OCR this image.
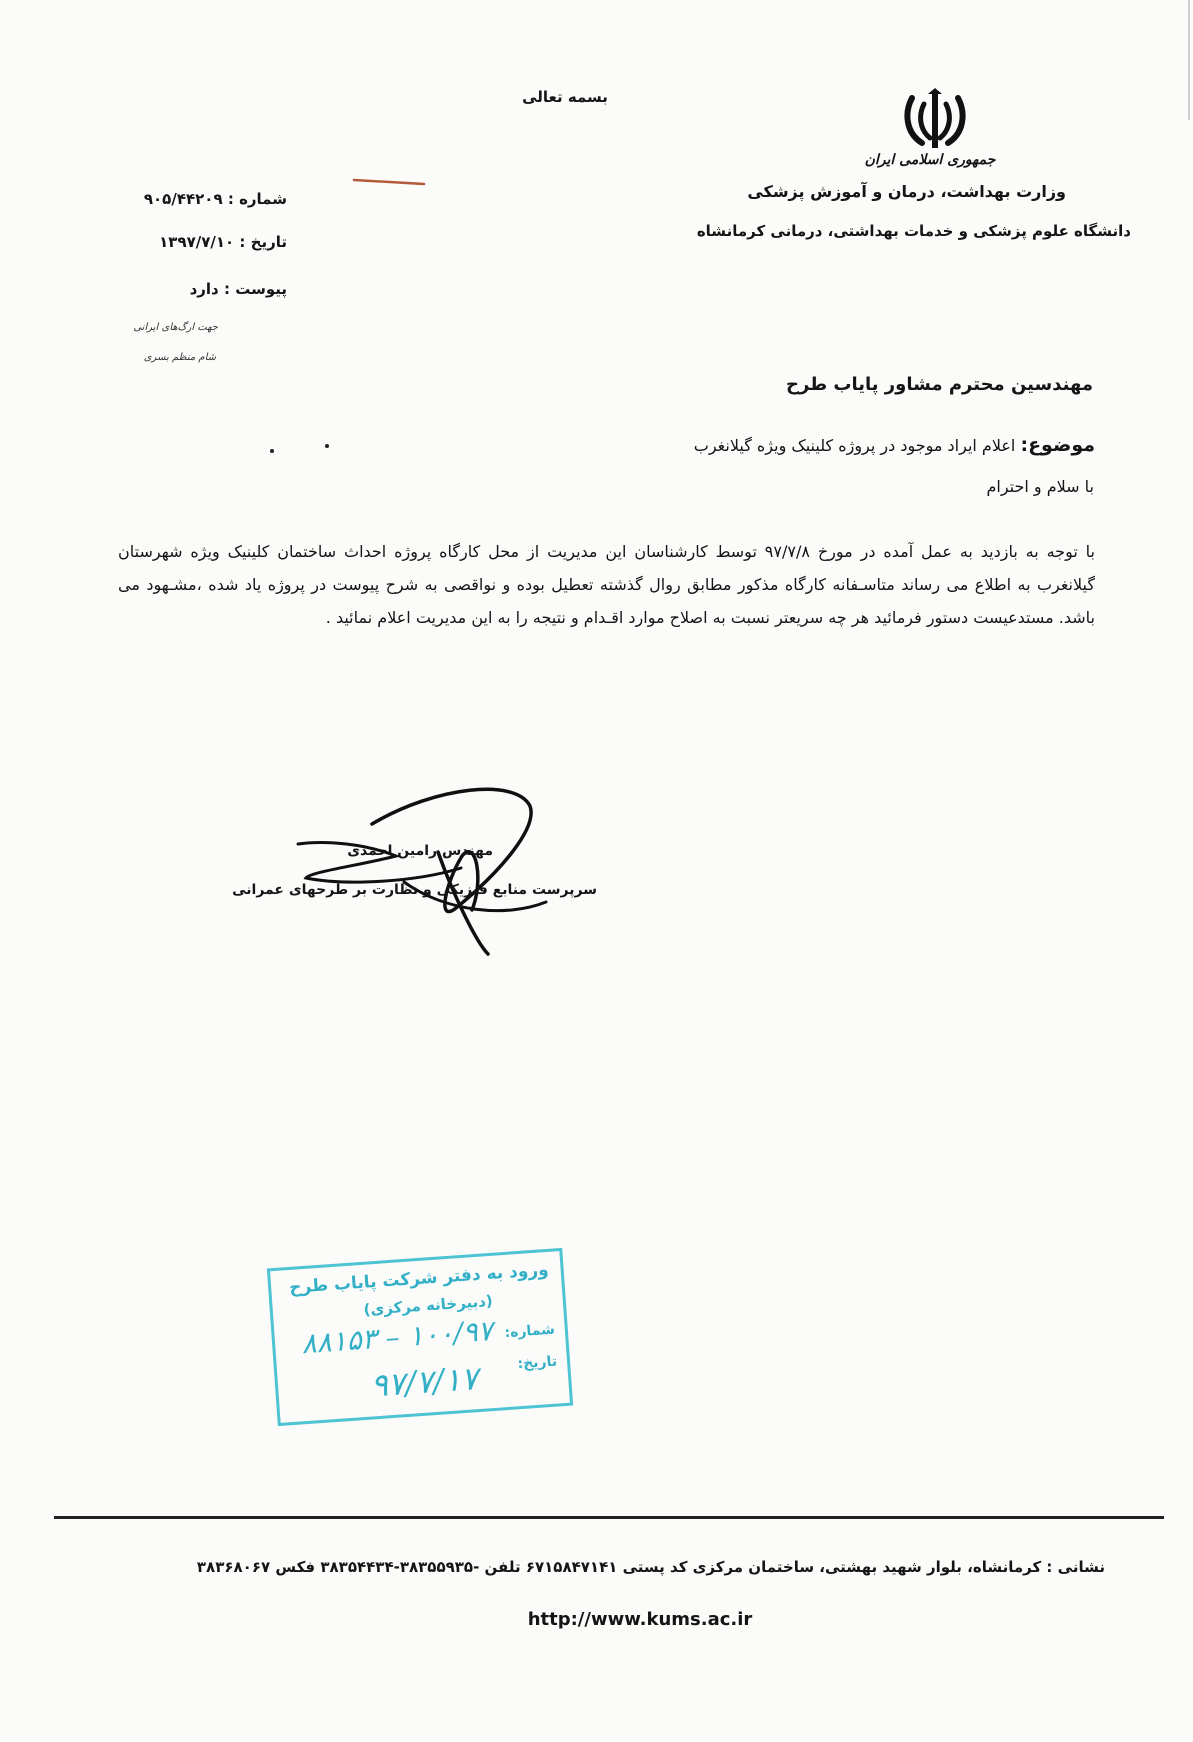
بسمه تعالی
جمهوری اسلامی ایران
وزارت بهداشت، درمان و آموزش پزشکی
دانشگاه علوم پزشکی و خدمات بهداشتی، درمانی کرمانشاه
شماره : ۹۰۵/۴۴۲۰۹
تاریخ : ۱۳۹۷/۷/۱۰
پیوست : دارد
جهت ارگ‌های ایرانی
شام منظم بسری
مهندسین محترم مشاور پایاب طرح
موضوع: اعلام ایراد موجود در پروژه کلینیک ویژه گیلانغرب
با سلام و احترام
با توجه به بازدید به عمل آمده در مورخ ۹۷/۷/۸ توسط کارشناسان این مدیریت از محل کارگاه پروژه احداث ساختمان کلینیک ویژه شهرستان گیلانغرب به اطلاع می رساند متاسـفانه کارگاه مذکور مطابق روال گذشته تعطیل بوده و نواقصی به شرح پیوست در پروژه یاد شده ،مشـهود می باشد. مستدعیست دستور فرمائید هر چه سریعتر نسبت به اصلاح موارد اقـدام و نتیجه را به این مدیریت اعلام نمائید .
مهندس رامین احمدی
سرپرست منابع فیزیکی و نظارت بر طرحهای عمرانی
ورود به دفتر شرکت پایاب طرح
(دبیرخانه مرکزی)
شماره:
۱۰۰/۹۷ – ۸۸۱۵۳
تاریخ:
۹۷/۷/۱۷
نشانی : کرمانشاه، بلوار شهید بهشتی، ساختمان مرکزی کد پستی ۶۷۱۵۸۴۷۱۴۱ تلفن -۳۸۳۵۵۹۳۵-۳۸۳۵۴۴۳۴ فکس ۳۸۳۶۸۰۶۷
http://www.kums.ac.ir
